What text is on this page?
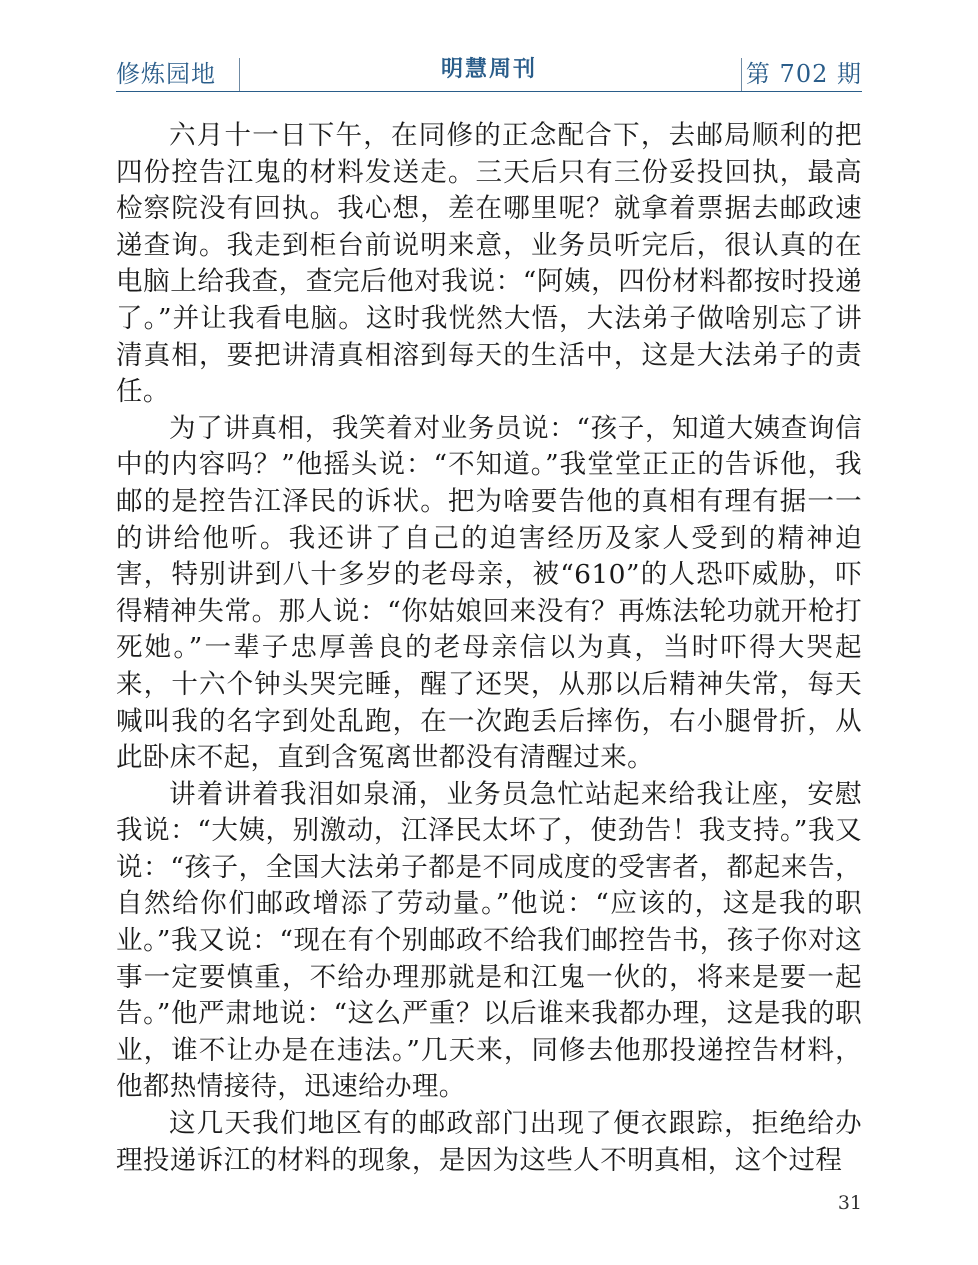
修炼园地	明慧周刊	第 702 期

六月十一日下午，在同修的正念配合下，去邮局顺利的把四份控告江鬼的材料发送走。三天后只有三份妥投回执，最高检察院没有回执。我心想，差在哪里呢？就拿着票据去邮政速递查询。我走到柜台前说明来意，业务员听完后，很认真的在电脑上给我查，查完后他对我说：“阿姨，四份材料都按时投递了。”并让我看电脑。这时我恍然大悟，大法弟子做啥别忘了讲清真相，要把讲清真相溶到每天的生活中，这是大法弟子的责任。

为了讲真相，我笑着对业务员说：“孩子，知道大姨查询信中的内容吗？”他摇头说：“不知道。”我堂堂正正的告诉他，我邮的是控告江泽民的诉状。把为啥要告他的真相有理有据一一的讲给他听。我还讲了自己的迫害经历及家人受到的精神迫害，特别讲到八十多岁的老母亲，被“610”的人恐吓威胁，吓得精神失常。那人说：“你姑娘回来没有？再炼法轮功就开枪打死她。”一辈子忠厚善良的老母亲信以为真，当时吓得大哭起来，十六个钟头哭完睡，醒了还哭，从那以后精神失常，每天喊叫我的名字到处乱跑，在一次跑丢后摔伤，右小腿骨折，从此卧床不起，直到含冤离世都没有清醒过来。

讲着讲着我泪如泉涌，业务员急忙站起来给我让座，安慰我说：“大姨，别激动，江泽民太坏了，使劲告！我支持。”我又说：“孩子，全国大法弟子都是不同成度的受害者，都起来告，自然给你们邮政增添了劳动量。”他说：“应该的，这是我的职业。”我又说：“现在有个别邮政不给我们邮控告书，孩子你对这事一定要慎重，不给办理那就是和江鬼一伙的，将来是要一起告。”他严肃地说：“这么严重？以后谁来我都办理，这是我的职业，谁不让办是在违法。”几天来，同修去他那投递控告材料，他都热情接待，迅速给办理。

这几天我们地区有的邮政部门出现了便衣跟踪，拒绝给办理投递诉江的材料的现象，是因为这些人不明真相，这个过程

31
